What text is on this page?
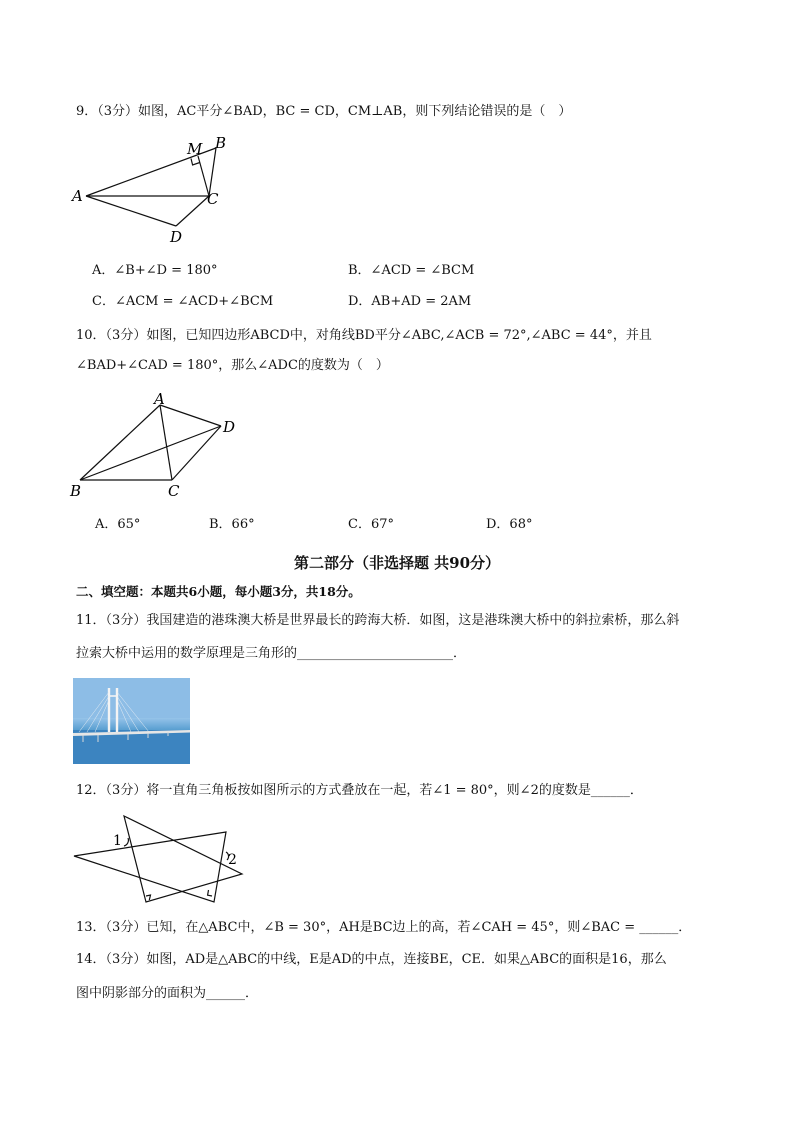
9．（3分）如图，AC平分∠BAD，BC = CD，CM⊥AB，则下列结论错误的是（　）
A
B
C
D
M
A．∠B+∠D = 180°	B．∠ACD = ∠BCM
C．∠ACM = ∠ACD+∠BCM	D．AB+AD = 2AM
10．（3分）如图，已知四边形ABCD中，对角线BD平分∠ABC,∠ACB = 72°,∠ABC = 44°，并且
∠BAD+∠CAD = 180°，那么∠ADC的度数为（　）
A
D
B	C
A．65°	B．66°	C．67°	D．68°
第二部分（非选择题 共90分）
二、填空题：本题共6小题，每小题3分，共18分。
11．（3分）我国建造的港珠澳大桥是世界最长的跨海大桥．如图，这是港珠澳大桥中的斜拉索桥，那么斜
拉索大桥中运用的数学原理是三角形的________________________．
12．（3分）将一直角三角板按如图所示的方式叠放在一起，若∠1 = 80°，则∠2的度数是______．
1
2
13．（3分）已知，在△ABC中，∠B = 30°，AH是BC边上的高，若∠CAH = 45°，则∠BAC = ______．
14．（3分）如图，AD是△ABC的中线，E是AD的中点，连接BE，CE．如果△ABC的面积是16，那么
图中阴影部分的面积为______．
